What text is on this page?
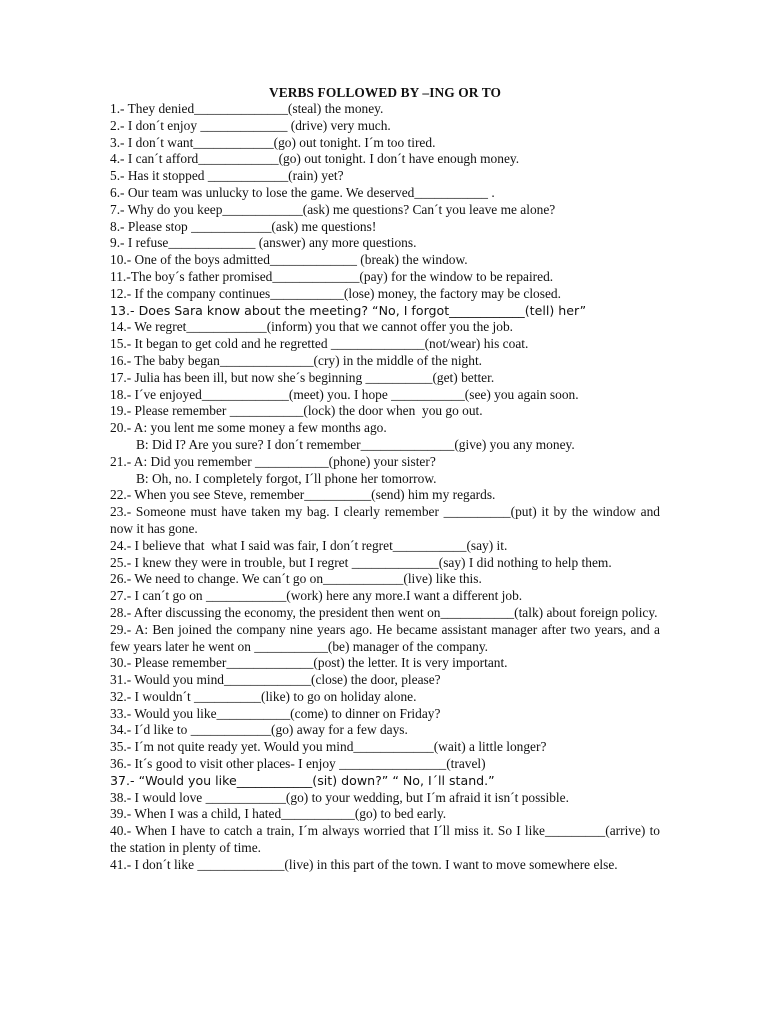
VERBS FOLLOWED BY –ING OR TO
1.- They denied______________(steal) the money.
2.- I don´t enjoy _____________ (drive) very much.
3.- I don´t want____________(go) out tonight. I´m too tired.
4.- I can´t afford____________(go) out tonight. I don´t have enough money.
5.- Has it stopped ____________(rain) yet?
6.- Our team was unlucky to lose the game. We deserved___________ .
7.- Why do you keep____________(ask) me questions? Can´t you leave me alone?
8.- Please stop ____________(ask) me questions!
9.- I refuse_____________ (answer) any more questions.
10.- One of the boys admitted_____________ (break) the window.
11.-The boy´s father promised_____________(pay) for the window to be repaired.
12.- If the company continues___________(lose) money, the factory may be closed.
13.- Does Sara know about the meeting? “No, I forgot____________(tell) her”
14.- We regret____________(inform) you that we cannot offer you the job.
15.- It began to get cold and he regretted ______________(not/wear) his coat.
16.- The baby began______________(cry) in the middle of the night.
17.- Julia has been ill, but now she´s beginning __________(get) better.
18.- I´ve enjoyed_____________(meet) you. I hope ___________(see) you again soon.
19.- Please remember ___________(lock) the door when  you go out.
20.- A: you lent me some money a few months ago.
B: Did I? Are you sure? I don´t remember______________(give) you any money.
21.- A: Did you remember ___________(phone) your sister?
B: Oh, no. I completely forgot, I´ll phone her tomorrow.
22.- When you see Steve, remember__________(send) him my regards.
23.- Someone must have taken my bag. I clearly remember __________(put) it by the window and now it has gone.
24.- I believe that  what I said was fair, I don´t regret___________(say) it.
25.- I knew they were in trouble, but I regret _____________(say) I did nothing to help them.
26.- We need to change. We can´t go on____________(live) like this.
27.- I can´t go on ____________(work) here any more.I want a different job.
28.- After discussing the economy, the president then went on___________(talk) about foreign policy.
29.- A: Ben joined the company nine years ago. He became assistant manager after two years, and a few years later he went on ___________(be) manager of the company.
30.- Please remember_____________(post) the letter. It is very important.
31.- Would you mind_____________(close) the door, please?
32.- I wouldn´t __________(like) to go on holiday alone.
33.- Would you like___________(come) to dinner on Friday?
34.- I´d like to ____________(go) away for a few days.
35.- I´m not quite ready yet. Would you mind____________(wait) a little longer?
36.- It´s good to visit other places- I enjoy ________________(travel)
37.- “Would you like____________(sit) down?” “ No, I´ll stand.”
38.- I would love ____________(go) to your wedding, but I´m afraid it isn´t possible.
39.- When I was a child, I hated___________(go) to bed early.
40.- When I have to catch a train, I´m always worried that I´ll miss it. So I like_________(arrive) to the station in plenty of time.
41.- I don´t like _____________(live) in this part of the town. I want to move somewhere else.
